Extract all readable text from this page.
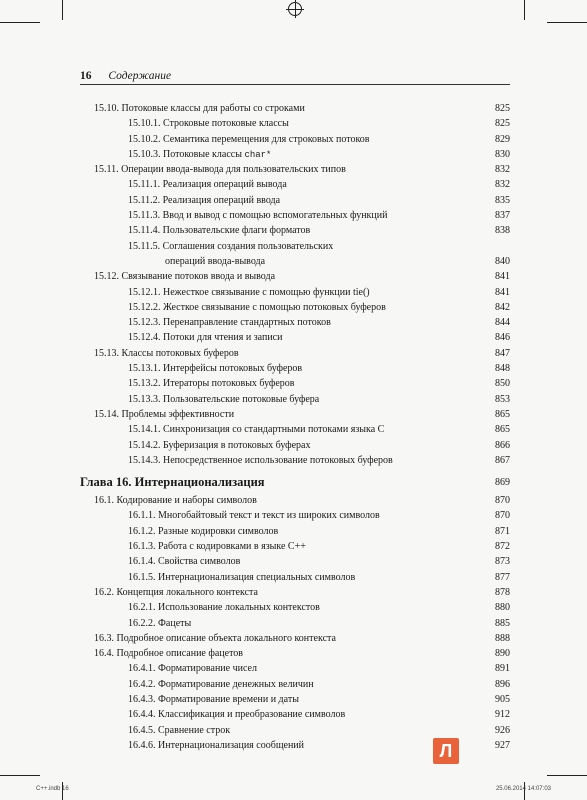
16 Содержание
15.10. Потоковые классы для работы со строками	825
15.10.1. Строковые потоковые классы	825
15.10.2. Семантика перемещения для строковых потоков	829
15.10.3. Потоковые классы char*	830
15.11. Операции ввода-вывода для пользовательских типов	832
15.11.1. Реализация операций вывода	832
15.11.2. Реализация операций ввода	835
15.11.3. Ввод и вывод с помощью вспомогательных функций	837
15.11.4. Пользовательские флаги форматов	838
15.11.5. Соглашения создания пользовательских
операций ввода-вывода	840
15.12. Связывание потоков ввода и вывода	841
15.12.1. Нежесткое связывание с помощью функции tie()	841
15.12.2. Жесткое связывание с помощью потоковых буферов	842
15.12.3. Перенаправление стандартных потоков	844
15.12.4. Потоки для чтения и записи	846
15.13. Классы потоковых буферов	847
15.13.1. Интерфейсы потоковых буферов	848
15.13.2. Итераторы потоковых буферов	850
15.13.3. Пользовательские потоковые буфера	853
15.14. Проблемы эффективности	865
15.14.1. Синхронизация со стандартными потоками языка C	865
15.14.2. Буферизация в потоковых буферах	866
15.14.3. Непосредственное использование потоковых буферов	867
Глава 16. Интернационализация	869
16.1. Кодирование и наборы символов	870
16.1.1. Многобайтовый текст и текст из широких символов	870
16.1.2. Разные кодировки символов	871
16.1.3. Работа с кодировками в языке C++	872
16.1.4. Свойства символов	873
16.1.5. Интернационализация специальных символов	877
16.2. Концепция локального контекста	878
16.2.1. Использование локальных контекстов	880
16.2.2. Фацеты	885
16.3. Подробное описание объекта локального контекста	888
16.4. Подробное описание фацетов	890
16.4.1. Форматирование чисел	891
16.4.2. Форматирование денежных величин	896
16.4.3. Форматирование времени и даты	905
16.4.4. Классификация и преобразование символов	912
16.4.5. Сравнение строк	926
16.4.6. Интернационализация сообщений	927
Л
C++.indb 16	25.06.2014 14:07:03
